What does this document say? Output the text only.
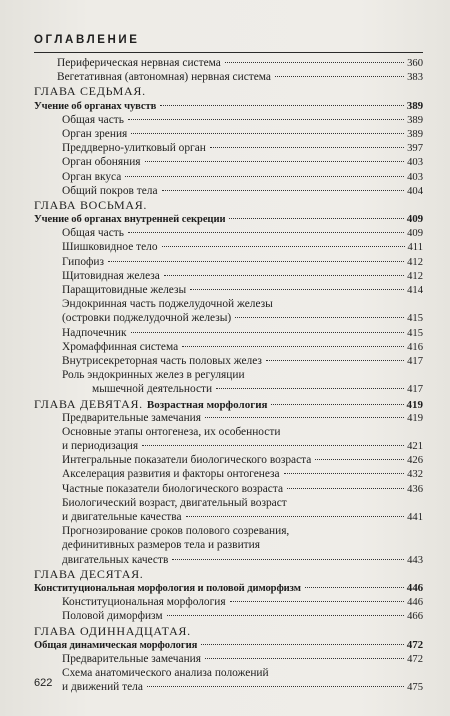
ОГЛАВЛЕНИЕ
Периферическая нервная система	360
Вегетативная (автономная) нервная система	383
ГЛАВА СЕДЬМАЯ.
Учение об органах чувств	389
Общая часть	389
Орган зрения	389
Преддверно-улитковый орган	397
Орган обоняния	403
Орган вкуса	403
Общий покров тела	404
ГЛАВА ВОСЬМАЯ.
Учение об органах внутренней секреции	409
Общая часть	409
Шишковидное тело	411
Гипофиз	412
Щитовидная железа	412
Паращитовидные железы	414
Эндокринная часть поджелудочной железы
(островки поджелудочной железы)	415
Надпочечник	415
Хромаффинная система	416
Внутрисекреторная часть половых желез	417
Роль эндокринных желез в регуляции
мышечной деятельности	417
ГЛАВА ДЕВЯТАЯ. Возрастная морфология	419
Предварительные замечания	419
Основные этапы онтогенеза, их особенности
и периодизация	421
Интегральные показатели биологического возраста	426
Акселерация развития и факторы онтогенеза	432
Частные показатели биологического возраста	436
Биологический возраст, двигательный возраст
и двигательные качества	441
Прогнозирование сроков полового созревания,
дефинитивных размеров тела и развития
двигательных качеств	443
ГЛАВА ДЕСЯТАЯ.
Конституциональная морфология и половой диморфизм	446
Конституциональная морфология	446
Половой диморфизм	466
ГЛАВА ОДИННАДЦАТАЯ.
Общая динамическая морфология	472
Предварительные замечания	472
Схема анатомического анализа положений
и движений тела	475
622
